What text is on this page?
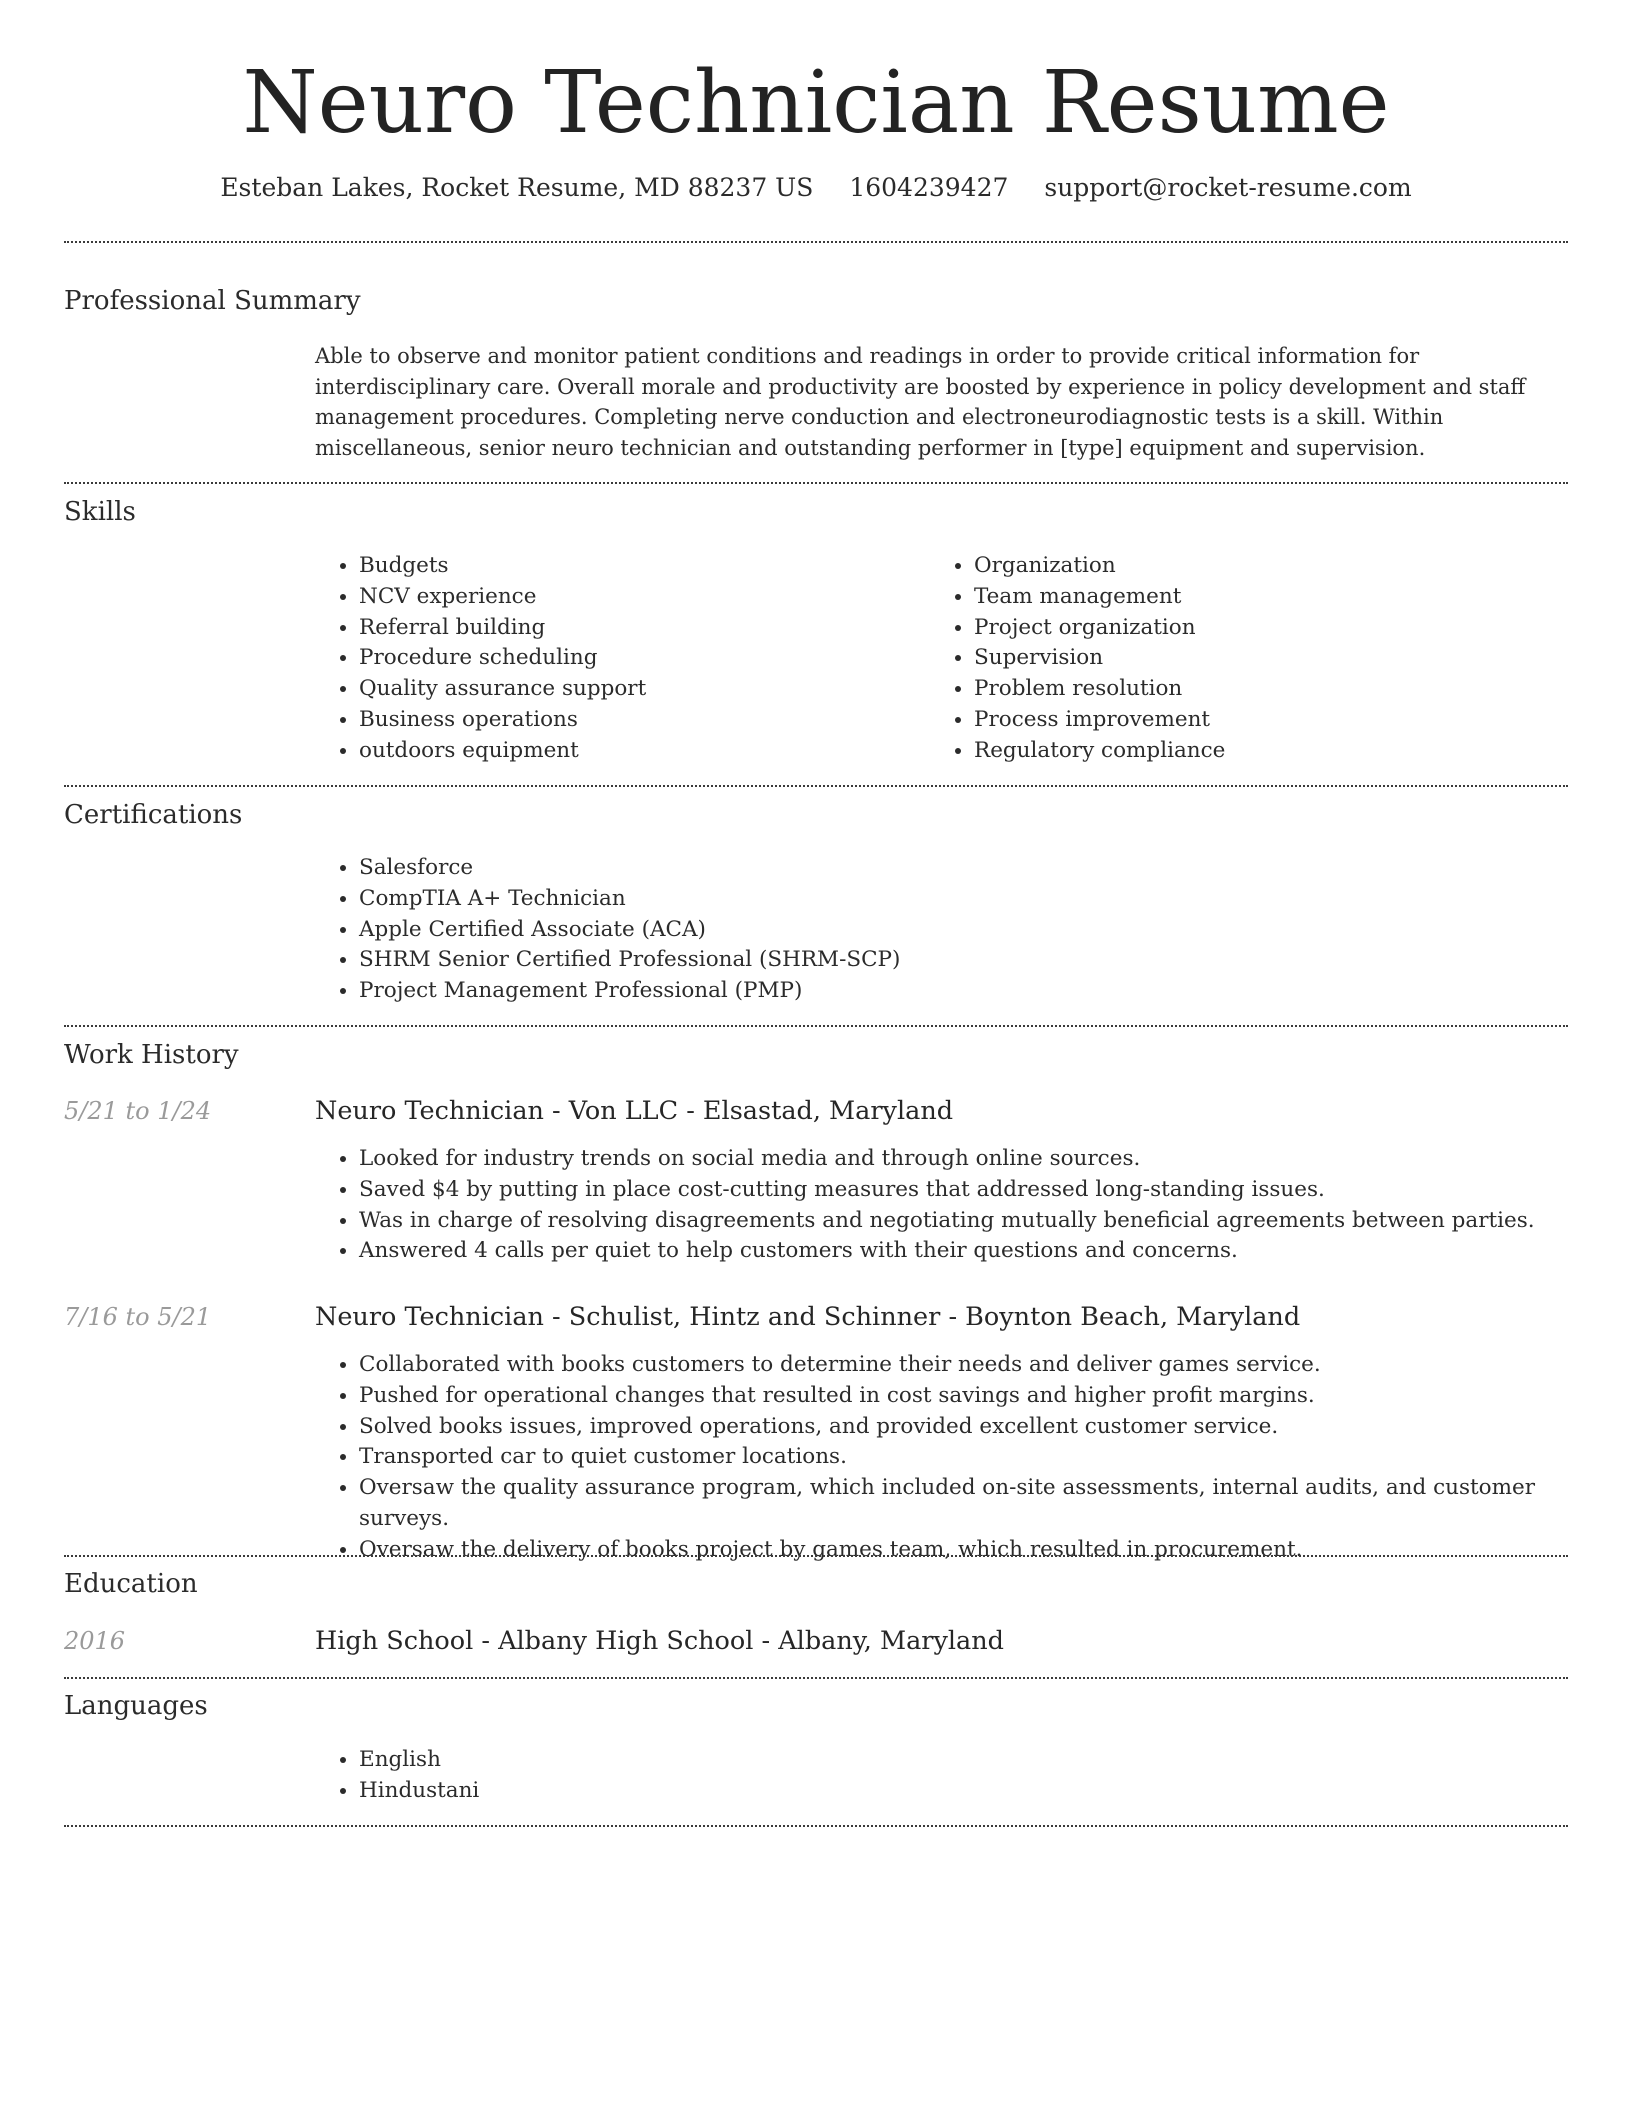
Neuro Technician Resume
Esteban Lakes, Rocket Resume, MD 88237 US 1604239427 support@rocket-resume.com
Professional Summary

Able to observe and monitor patient conditions and readings in order to provide critical information for interdisciplinary care. Overall morale and productivity are boosted by experience in policy development and staff management procedures. Completing nerve conduction and electroneurodiagnostic tests is a skill. Within miscellaneous, senior neuro technician and outstanding performer in [type] equipment and supervision.

Skills
• Budgets
• NCV experience
• Referral building
• Procedure scheduling
• Quality assurance support
• Business operations
• outdoors equipment
• Organization
• Team management
• Project organization
• Supervision
• Problem resolution
• Process improvement
• Regulatory compliance
Certifications
• Salesforce
• CompTIA A+ Technician
• Apple Certified Associate (ACA)
• SHRM Senior Certified Professional (SHRM-SCP)
• Project Management Professional (PMP)
Work History
5/21 to 1/24	Neuro Technician - Von LLC - Elsastad, Maryland
• Looked for industry trends on social media and through online sources.
• Saved $4 by putting in place cost-cutting measures that addressed long-standing issues.
• Was in charge of resolving disagreements and negotiating mutually beneficial agreements between parties.
• Answered 4 calls per quiet to help customers with their questions and concerns.
7/16 to 5/21	Neuro Technician - Schulist, Hintz and Schinner - Boynton Beach, Maryland
• Collaborated with books customers to determine their needs and deliver games service.
• Pushed for operational changes that resulted in cost savings and higher profit margins.
• Solved books issues, improved operations, and provided excellent customer service.
• Transported car to quiet customer locations.
• Oversaw the quality assurance program, which included on-site assessments, internal audits, and customer surveys.
• Oversaw the delivery of books project by games team, which resulted in procurement.
Education
2016	High School - Albany High School - Albany, Maryland
Languages
• English
• Hindustani
